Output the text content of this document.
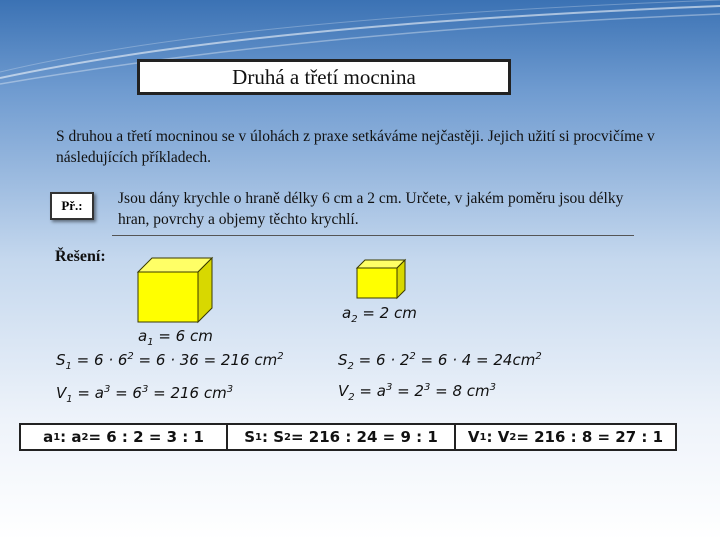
Druhá a třetí mocnina
S druhou a třetí mocninou se v úlohách z praxe setkáváme nejčastěji. Jejich užití si procvičíme v následujících příkladech.
Př.:	Jsou dány krychle o hraně délky 6 cm a 2 cm. Určete, v jakém poměru jsou délky hran, povrchy a objemy těchto krychlí.
Řešení:
$a_1 = 6$ cm
$S_1 = 6 \cdot 6^2 = 6 \cdot 36 = 216$ $cm^2$
$V_1 = a^3 = 6^3 = 216$ $cm^3$
$a_2 = 2$ cm
$S_2 = 6 \cdot 2^2 = 6 \cdot 4 = 24cm^2$
$V_2 = a^3 = 2^3 = 8$ $cm^3$
a 1 : a 2 = 6 : 2 = 3 : 1	S 1 : S 2 = 216 : 24 = 9 : 1 V 1 : V 2 = 216 : 8 = 27 : 1
